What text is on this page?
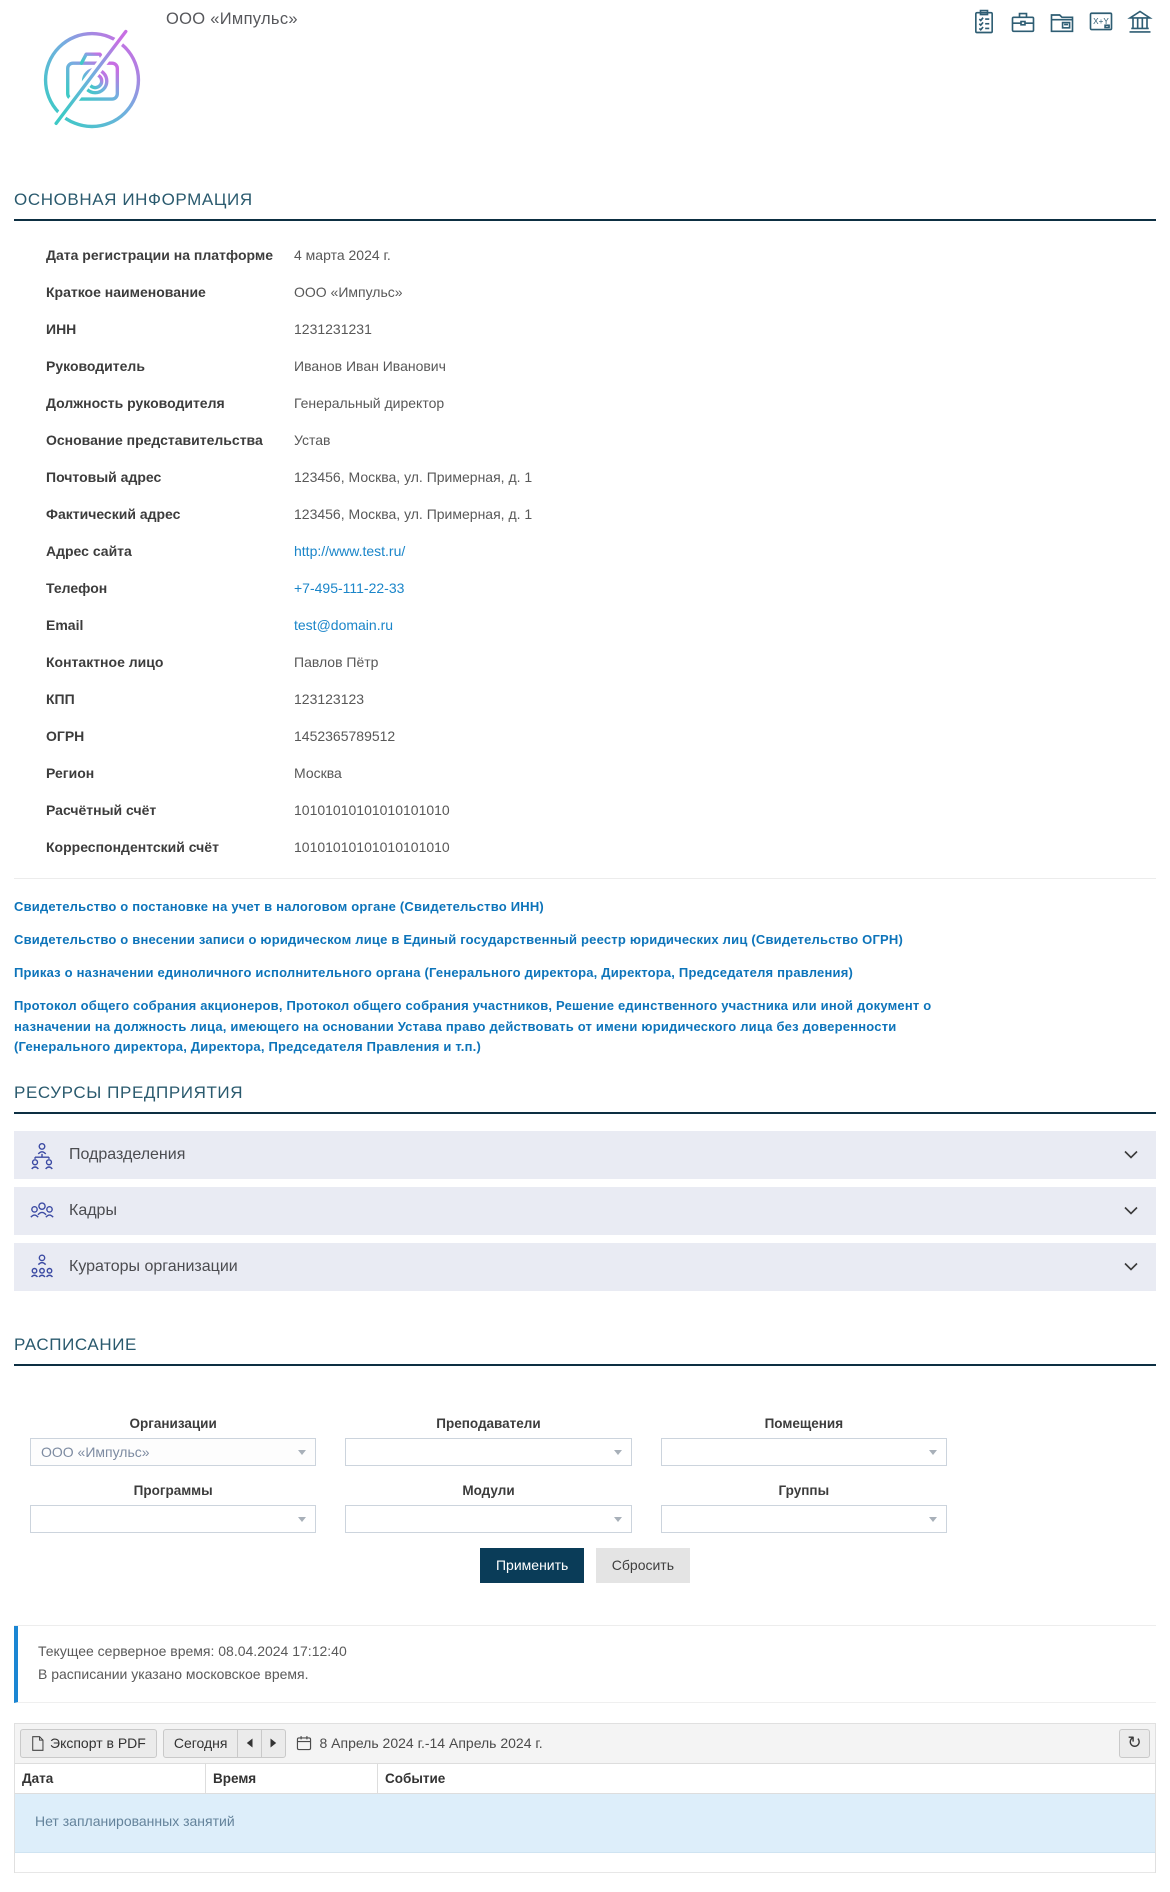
ООО «Импульс»	X+Y
ОСНОВНАЯ ИНФОРМАЦИЯ
Дата регистрации на платформе 4 марта 2024 г.
Краткое наименование	ООО «Импульс»
ИНН	1231231231
Руководитель	Иванов Иван Иванович
Должность руководителя	Генеральный директор
Основание представительства	Устав
Почтовый адрес	123456, Москва, ул. Примерная, д. 1
Фактический адрес	123456, Москва, ул. Примерная, д. 1
Адрес сайта	http://www.test.ru/
Телефон	+7-495-111-22-33
Email	test@domain.ru
Контактное лицо	Павлов Пётр
КПП	123123123
ОГРН	1452365789512
Регион	Москва
Расчётный счёт	10101010101010101010
Корреспондентский счёт	10101010101010101010
Свидетельство о постановке на учет в налоговом органе (Свидетельство ИНН)
Свидетельство о внесении записи о юридическом лице в Единый государственный реестр юридических лиц (Свидетельство ОГРН)
Приказ о назначении единоличного исполнительного органа (Генерального директора, Директора, Председателя правления)
Протокол общего собрания акционеров, Протокол общего собрания участников, Решение единственного участника или иной документ о назначении на должность лица, имеющего на основании Устава право действовать от имени юридического лица без доверенности (Генерального директора, Директора, Председателя Правления и т.п.)
РЕСУРСЫ ПРЕДПРИЯТИЯ
Подразделения
Кадры
Кураторы организации
РАСПИСАНИЕ
Организации
ООО «Импульс»
Преподаватели	Помещения
Программы	Модули	Группы
Применить	Сбросить

Текущее серверное время: 08.04.2024 17:12:40

В расписании указано московское время.

Экспорт в PDF	Сегодня	8 Апрель 2024 г.-14 Апрель 2024 г.	↻
Дата	Время	Событие
Нет запланированных занятий
